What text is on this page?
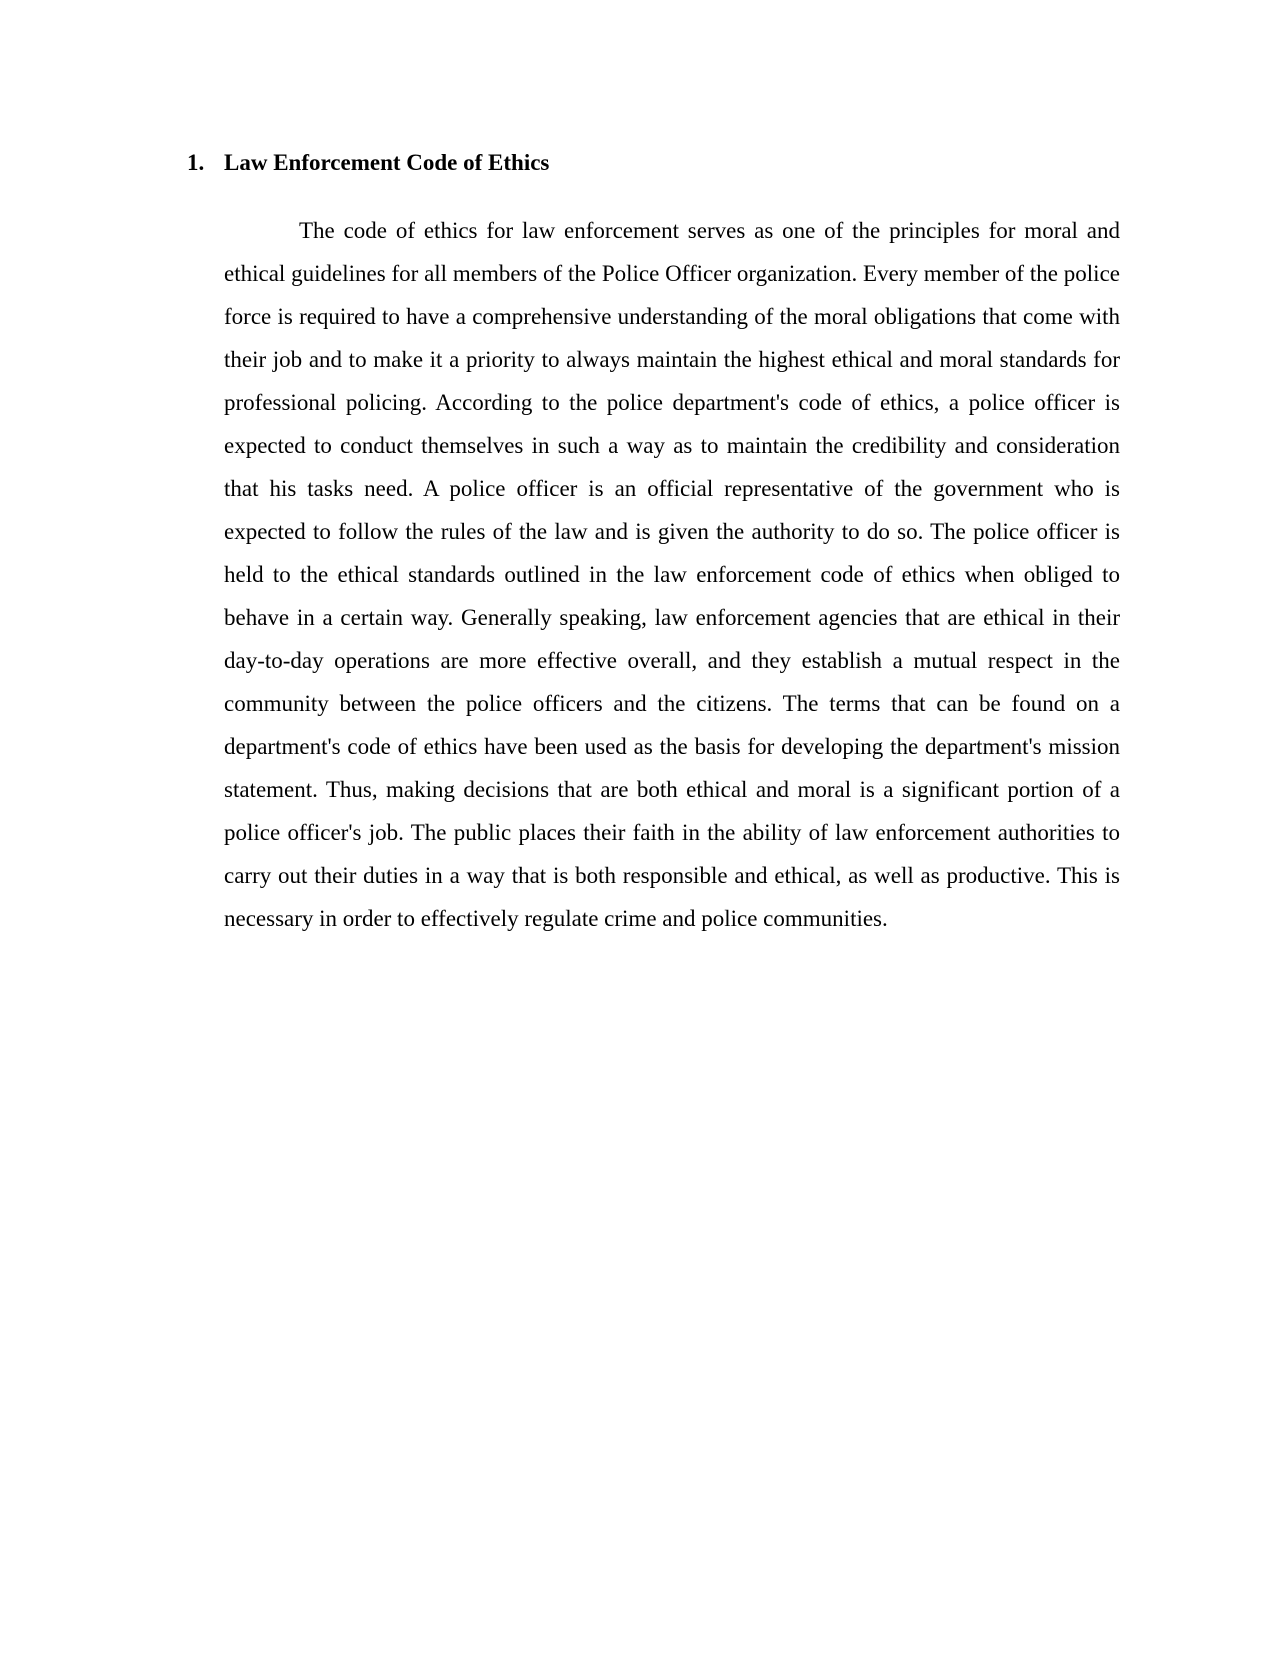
1. Law Enforcement Code of Ethics

The code of ethics for law enforcement serves as one of the principles for moral and ethical guidelines for all members of the Police Officer organization. Every member of the police force is required to have a comprehensive understanding of the moral obligations that come with their job and to make it a priority to always maintain the highest ethical and moral standards for professional policing. According to the police department's code of ethics, a police officer is expected to conduct themselves in such a way as to maintain the credibility and consideration that his tasks need. A police officer is an official representative of the government who is expected to follow the rules of the law and is given the authority to do so. The police officer is held to the ethical standards outlined in the law enforcement code of ethics when obliged to behave in a certain way. Generally speaking, law enforcement agencies that are ethical in their day-to-day operations are more effective overall, and they establish a mutual respect in the community between the police officers and the citizens. The terms that can be found on a department's code of ethics have been used as the basis for developing the department's mission statement. Thus, making decisions that are both ethical and moral is a significant portion of a police officer's job. The public places their faith in the ability of law enforcement authorities to carry out their duties in a way that is both responsible and ethical, as well as productive. This is necessary in order to effectively regulate crime and police communities.
